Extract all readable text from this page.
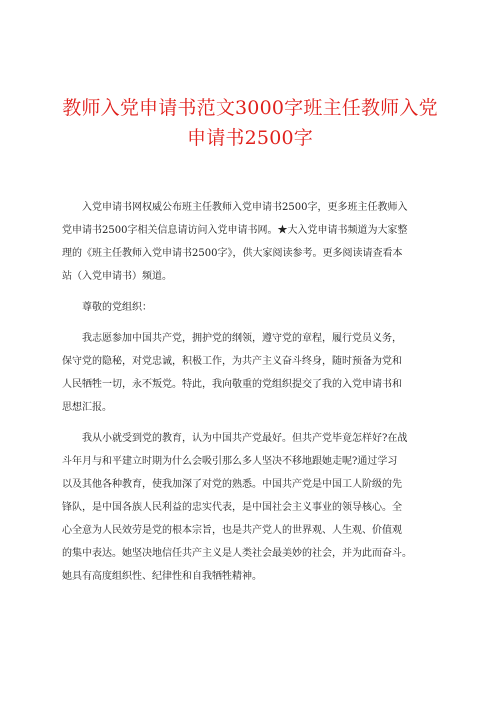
教师入党申请书范文3000字班主任教师入党
申请书2500字
入党申请书网权威公布班主任教师入党申请书2500字，更多班主任教师入
党申请书2500字相关信息请访问入党申请书网。★大入党申请书频道为大家整
理的《班主任教师入党申请书2500字》，供大家阅读参考。更多阅读请查看本
站（入党申请书）频道。
尊敬的党组织：
我志愿参加中国共产党，拥护党的纲领，遵守党的章程，履行党员义务，
保守党的隐秘，对党忠诚，积极工作，为共产主义奋斗终身，随时预备为党和
人民牺牲一切，永不叛党。特此，我向敬重的党组织提交了我的入党申请书和
思想汇报。
我从小就受到党的教育，认为中国共产党最好。但共产党毕竟怎样好?在战
斗年月与和平建立时期为什么会吸引那么多人坚决不移地跟她走呢?通过学习
以及其他各种教育，使我加深了对党的熟悉。中国共产党是中国工人阶级的先
锋队，是中国各族人民利益的忠实代表，是中国社会主义事业的领导核心。全
心全意为人民效劳是党的根本宗旨，也是共产党人的世界观、人生观、价值观
的集中表达。她坚决地信任共产主义是人类社会最美妙的社会，并为此而奋斗。
她具有高度组织性、纪律性和自我牺牲精神。
